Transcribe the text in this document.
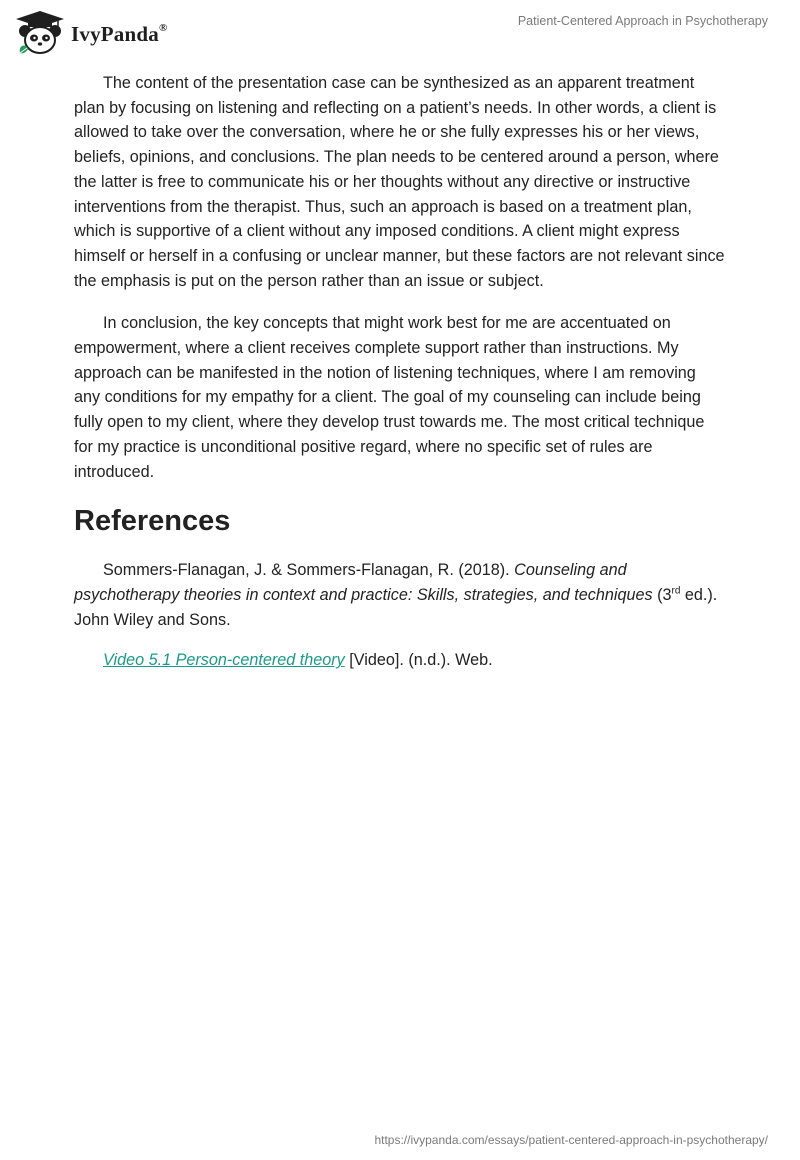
IvyPanda®	Patient-Centered Approach in Psychotherapy

The content of the presentation case can be synthesized as an apparent treatment plan by focusing on listening and reflecting on a patient’s needs. In other words, a client is allowed to take over the conversation, where he or she fully expresses his or her views, beliefs, opinions, and conclusions. The plan needs to be centered around a person, where the latter is free to communicate his or her thoughts without any directive or instructive interventions from the therapist. Thus, such an approach is based on a treatment plan, which is supportive of a client without any imposed conditions. A client might express himself or herself in a confusing or unclear manner, but these factors are not relevant since the emphasis is put on the person rather than an issue or subject.

In conclusion, the key concepts that might work best for me are accentuated on empowerment, where a client receives complete support rather than instructions. My approach can be manifested in the notion of listening techniques, where I am removing any conditions for my empathy for a client. The goal of my counseling can include being fully open to my client, where they develop trust towards me. The most critical technique for my practice is unconditional positive regard, where no specific set of rules are introduced.

References

Sommers-Flanagan, J. & Sommers-Flanagan, R. (2018). Counseling and psychotherapy theories in context and practice: Skills, strategies, and techniques (3rd ed.). John Wiley and Sons.

Video 5.1 Person-centered theory [Video]. (n.d.). Web.

https://ivypanda.com/essays/patient-centered-approach-in-psychotherapy/
